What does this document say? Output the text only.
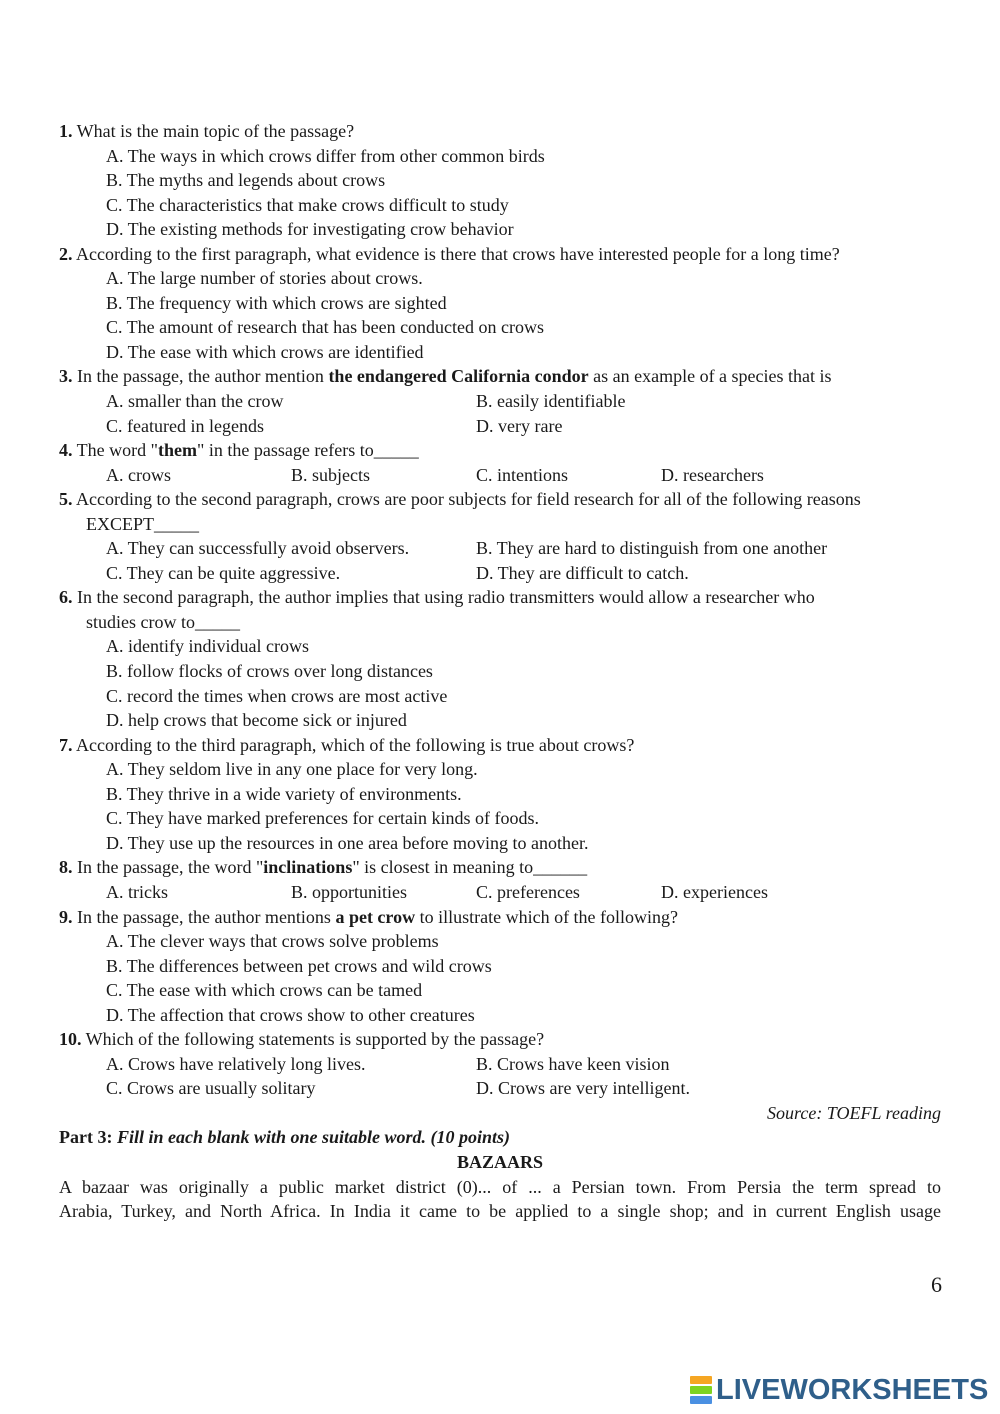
1. What is the main topic of the passage?
A. The ways in which crows differ from other common birds
B. The myths and legends about crows
C. The characteristics that make crows difficult to study
D. The existing methods for investigating crow behavior
2. According to the first paragraph, what evidence is there that crows have interested people for a long time?
A. The large number of stories about crows.
B. The frequency with which crows are sighted
C. The amount of research that has been conducted on crows
D. The ease with which crows are identified
3. In the passage, the author mention the endangered California condor as an example of a species that is
A. smaller than the crow	B. easily identifiable
C. featured in legends	D. very rare
4. The word "them" in the passage refers to_____
A. crows	B. subjects	C. intentions	D. researchers
5. According to the second paragraph, crows are poor subjects for field research for all of the following reasons
EXCEPT_____
A. They can successfully avoid observers.	B. They are hard to distinguish from one another
C. They can be quite aggressive.	D. They are difficult to catch.
6. In the second paragraph, the author implies that using radio transmitters would allow a researcher who
studies crow to_____
A. identify individual crows
B. follow flocks of crows over long distances
C. record the times when crows are most active
D. help crows that become sick or injured
7. According to the third paragraph, which of the following is true about crows?
A. They seldom live in any one place for very long.
B. They thrive in a wide variety of environments.
C. They have marked preferences for certain kinds of foods.
D. They use up the resources in one area before moving to another.
8. In the passage, the word "inclinations" is closest in meaning to______
A. tricks	B. opportunities	C. preferences	D. experiences
9. In the passage, the author mentions a pet crow to illustrate which of the following?
A. The clever ways that crows solve problems
B. The differences between pet crows and wild crows
C. The ease with which crows can be tamed
D. The affection that crows show to other creatures
10. Which of the following statements is supported by the passage?
A. Crows have relatively long lives.	B. Crows have keen vision
C. Crows are usually solitary	D. Crows are very intelligent.
Source: TOEFL reading
Part 3: Fill in each blank with one suitable word. (10 points)
BAZAARS
A bazaar was originally a public market district (0)... of ... a Persian town. From Persia the term spread to
Arabia, Turkey, and North Africa. In India it came to be applied to a single shop; and in current English usage
6
LIVEWORKSHEETS
